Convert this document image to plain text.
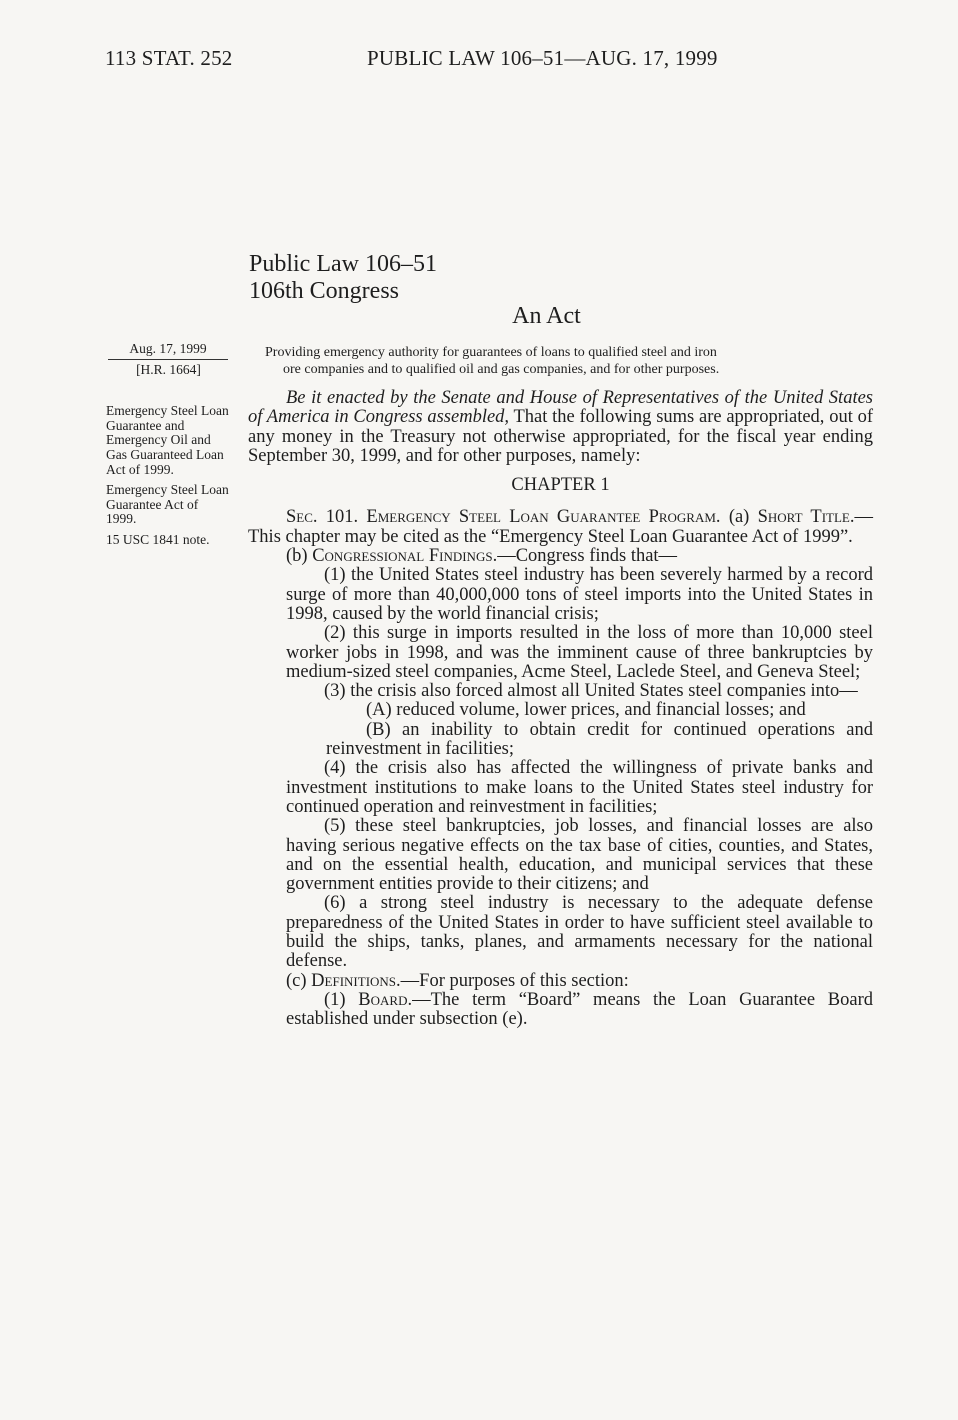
113 STAT. 252	PUBLIC LAW 106–51—AUG. 17, 1999
Public Law 106–51
106th Congress
An Act
Aug. 17, 1999
[H.R. 1664]
Emergency Steel Loan Guarantee and Emergency Oil and Gas Guaranteed Loan Act of 1999.
Emergency Steel Loan Guarantee Act of 1999.
15 USC 1841 note.
Providing emergency authority for guarantees of loans to qualified steel and iron
ore companies and to qualified oil and gas companies, and for other purposes.

Be it enacted by the Senate and House of Representatives of the United States of America in Congress assembled, That the following sums are appropriated, out of any money in the Treasury not otherwise appropriated, for the fiscal year ending September 30, 1999, and for other purposes, namely:

CHAPTER 1

Sec. 101. Emergency Steel Loan Guarantee Program. (a) Short Title.—This chapter may be cited as the “Emergency Steel Loan Guarantee Act of 1999”.

(b) Congressional Findings.—Congress finds that—

(1) the United States steel industry has been severely harmed by a record surge of more than 40,000,000 tons of steel imports into the United States in 1998, caused by the world financial crisis;

(2) this surge in imports resulted in the loss of more than 10,000 steel worker jobs in 1998, and was the imminent cause of three bankruptcies by medium-sized steel companies, Acme Steel, Laclede Steel, and Geneva Steel;

(3) the crisis also forced almost all United States steel companies into—

(A) reduced volume, lower prices, and financial losses; and

(B) an inability to obtain credit for continued operations and reinvestment in facilities;

(4) the crisis also has affected the willingness of private banks and investment institutions to make loans to the United States steel industry for continued operation and reinvestment in facilities;

(5) these steel bankruptcies, job losses, and financial losses are also having serious negative effects on the tax base of cities, counties, and States, and on the essential health, education, and municipal services that these government entities provide to their citizens; and

(6) a strong steel industry is necessary to the adequate defense preparedness of the United States in order to have sufficient steel available to build the ships, tanks, planes, and armaments necessary for the national defense.

(c) Definitions.—For purposes of this section:

(1) Board.—The term “Board” means the Loan Guarantee Board established under subsection (e).
